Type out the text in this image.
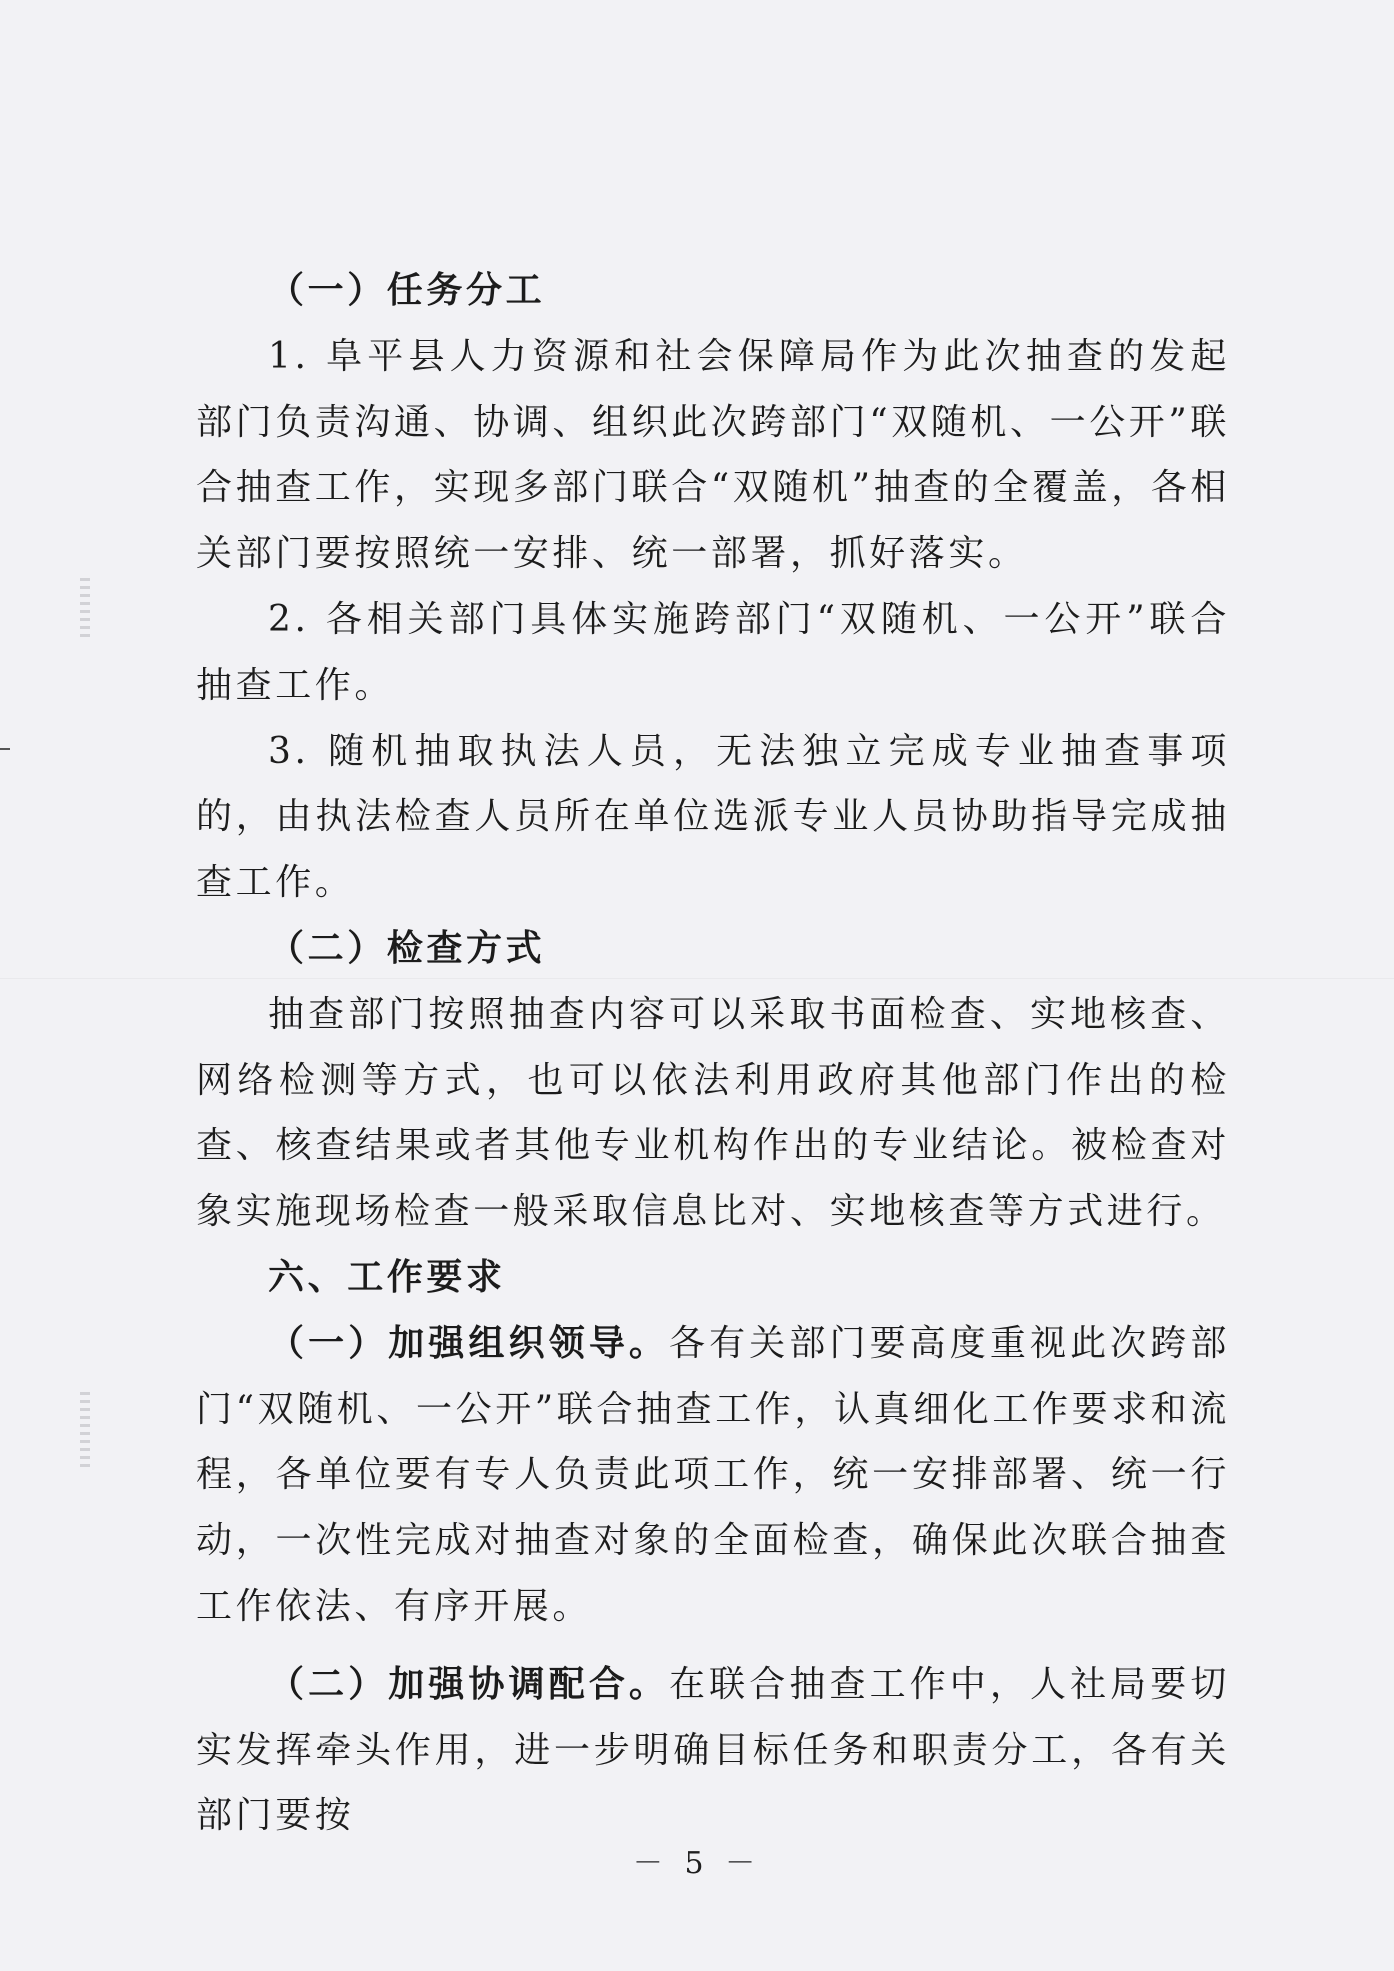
（一）任务分工

1. 阜平县人力资源和社会保障局作为此次抽查的发起部门负责沟通、协调、组织此次跨部门“双随机、一公开”联合抽查工作，实现多部门联合“双随机”抽查的全覆盖，各相关部门要按照统一安排、统一部署，抓好落实。

2. 各相关部门具体实施跨部门“双随机、一公开”联合抽查工作。

3. 随机抽取执法人员，无法独立完成专业抽查事项的，由执法检查人员所在单位选派专业人员协助指导完成抽查工作。

（二）检查方式

抽查部门按照抽查内容可以采取书面检查、实地核查、网络检测等方式，也可以依法利用政府其他部门作出的检查、核查结果或者其他专业机构作出的专业结论。被检查对象实施现场检查一般采取信息比对、实地核查等方式进行。

六、工作要求

（一）加强组织领导。各有关部门要高度重视此次跨部门“双随机、一公开”联合抽查工作，认真细化工作要求和流程，各单位要有专人负责此项工作，统一安排部署、统一行动，一次性完成对抽查对象的全面检查，确保此次联合抽查工作依法、有序开展。

（二）加强协调配合。在联合抽查工作中，人社局要切实发挥牵头作用，进一步明确目标任务和职责分工，各有关部门要按

－ 5 －
